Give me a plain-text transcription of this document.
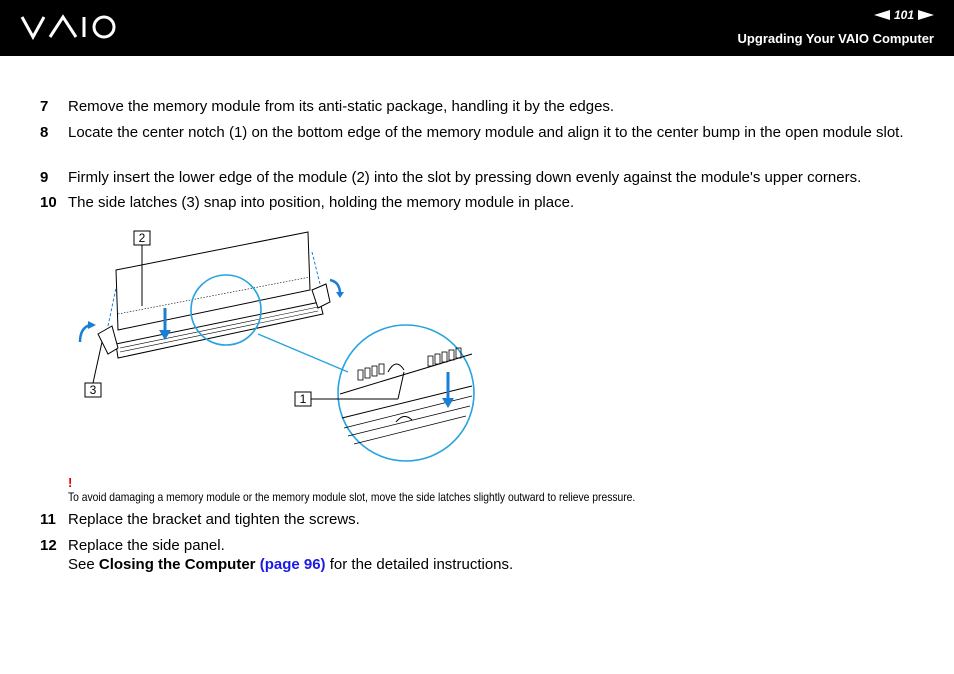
101
Upgrading Your VAIO Computer
7 Remove the memory module from its anti-static package, handling it by the edges.
8 Locate the center notch (1) on the bottom edge of the memory module and align it to the center bump in the open module slot.
9 Firmly insert the lower edge of the module (2) into the slot by pressing down evenly against the module's upper corners.
10 The side latches (3) snap into position, holding the memory module in place.
2
3
1
!
To avoid damaging a memory module or the memory module slot, move the side latches slightly outward to relieve pressure.
11 Replace the bracket and tighten the screws.
12 Replace the side panel.
See Closing the Computer (page 96) for the detailed instructions.
